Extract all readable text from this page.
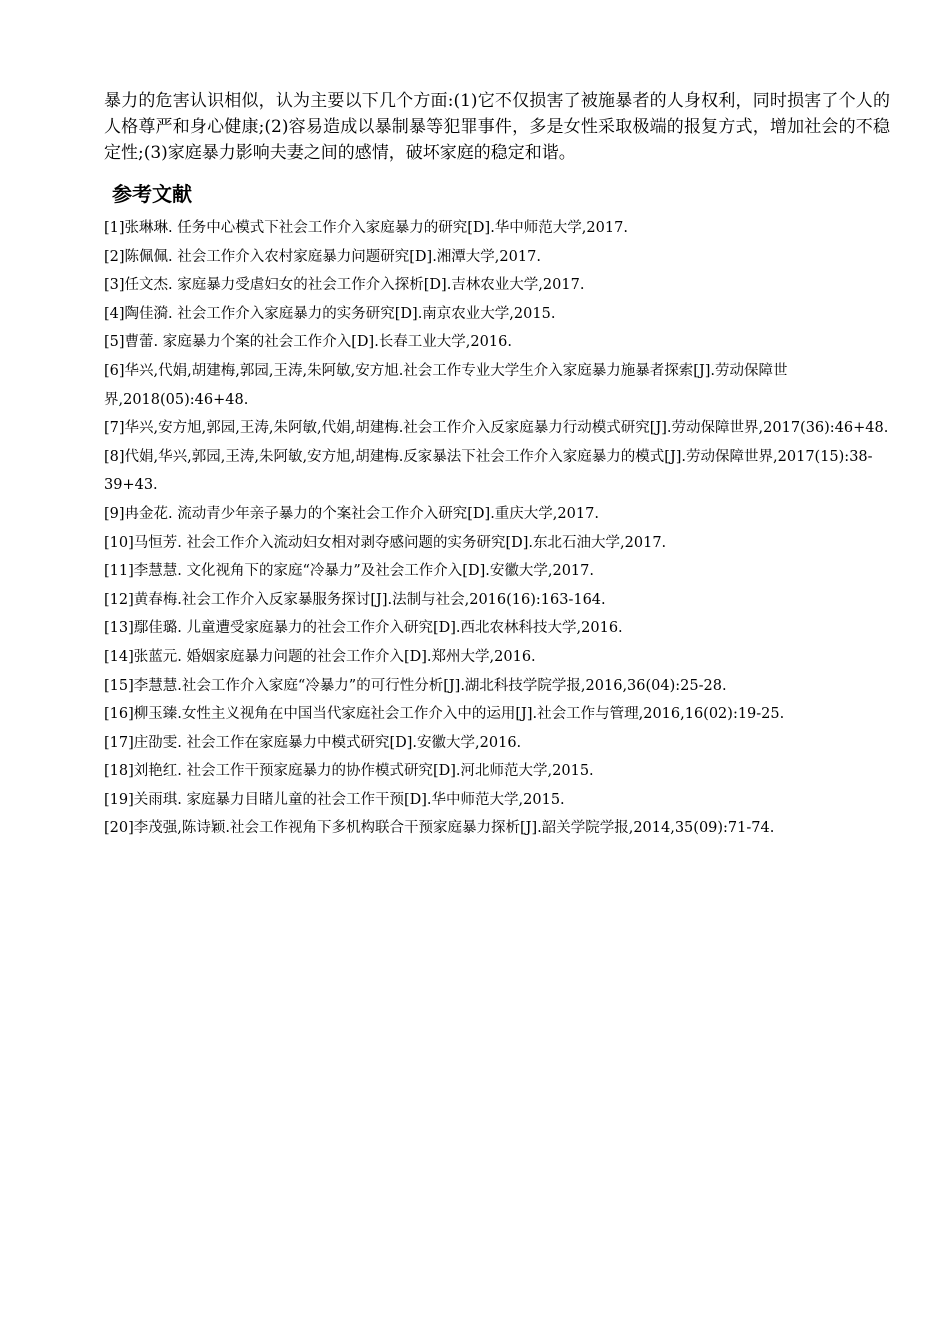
暴力的危害认识相似，认为主要以下几个方面:(1)它不仅损害了被施暴者的人身权利，同时损害了个人的人格尊严和身心健康;(2)容易造成以暴制暴等犯罪事件，多是女性采取极端的报复方式，增加社会的不稳定性;(3)家庭暴力影响夫妻之间的感情，破坏家庭的稳定和谐。

参考文献
[1]张琳琳. 任务中心模式下社会工作介入家庭暴力的研究[D].华中师范大学,2017.
[2]陈佩佩. 社会工作介入农村家庭暴力问题研究[D].湘潭大学,2017.
[3]任文杰. 家庭暴力受虐妇女的社会工作介入探析[D].吉林农业大学,2017.
[4]陶佳漪. 社会工作介入家庭暴力的实务研究[D].南京农业大学,2015.
[5]曹蕾. 家庭暴力个案的社会工作介入[D].长春工业大学,2016.
[6]华兴,代娟,胡建梅,郭园,王涛,朱阿敏,安方旭.社会工作专业大学生介入家庭暴力施暴者探索[J].劳动保障世界,2018(05):46+48.
[7]华兴,安方旭,郭园,王涛,朱阿敏,代娟,胡建梅.社会工作介入反家庭暴力行动模式研究[J].劳动保障世界,2017(36):46+48.
[8]代娟,华兴,郭园,王涛,朱阿敏,安方旭,胡建梅.反家暴法下社会工作介入家庭暴力的模式[J].劳动保障世界,2017(15):38-39+43.
[9]冉金花. 流动青少年亲子暴力的个案社会工作介入研究[D].重庆大学,2017.
[10]马恒芳. 社会工作介入流动妇女相对剥夺感问题的实务研究[D].东北石油大学,2017.
[11]李慧慧. 文化视角下的家庭“冷暴力”及社会工作介入[D].安徽大学,2017.
[12]黄春梅.社会工作介入反家暴服务探讨[J].法制与社会,2016(16):163-164.
[13]鄢佳璐. 儿童遭受家庭暴力的社会工作介入研究[D].西北农林科技大学,2016.
[14]张蓝元. 婚姻家庭暴力问题的社会工作介入[D].郑州大学,2016.
[15]李慧慧.社会工作介入家庭“冷暴力”的可行性分析[J].湖北科技学院学报,2016,36(04):25-28.
[16]柳玉臻.女性主义视角在中国当代家庭社会工作介入中的运用[J].社会工作与管理,2016,16(02):19-25.
[17]庄劭雯. 社会工作在家庭暴力中模式研究[D].安徽大学,2016.
[18]刘艳红. 社会工作干预家庭暴力的协作模式研究[D].河北师范大学,2015.
[19]关雨琪. 家庭暴力目睹儿童的社会工作干预[D].华中师范大学,2015.
[20]李茂强,陈诗颖.社会工作视角下多机构联合干预家庭暴力探析[J].韶关学院学报,2014,35(09):71-74.
